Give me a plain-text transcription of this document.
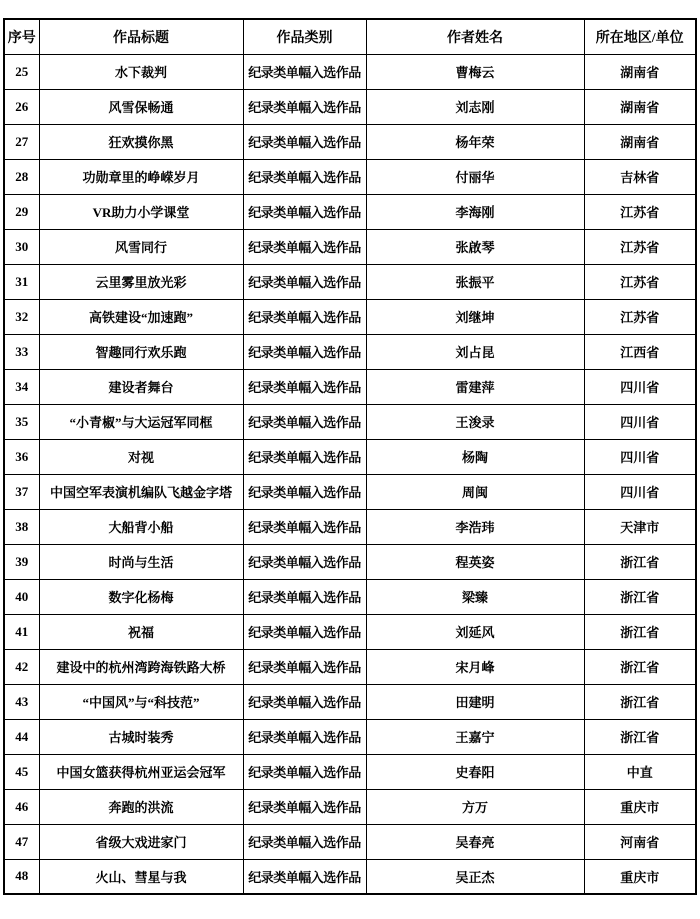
序号	作品标题	作品类别	作者姓名	所在地区/单位
25	水下裁判	纪录类单幅入选作品	曹梅云	湖南省
26	风雪保畅通	纪录类单幅入选作品	刘志刚	湖南省
27	狂欢摸你黑	纪录类单幅入选作品	杨年荣	湖南省
28	功勋章里的峥嵘岁月	纪录类单幅入选作品	付丽华	吉林省
29	VR助力小学课堂	纪录类单幅入选作品	李海刚	江苏省
30	风雪同行	纪录类单幅入选作品	张啟琴	江苏省
31	云里雾里放光彩	纪录类单幅入选作品	张振平	江苏省
32	高铁建设“加速跑”	纪录类单幅入选作品	刘继坤	江苏省
33	智趣同行欢乐跑	纪录类单幅入选作品	刘占昆	江西省
34	建设者舞台	纪录类单幅入选作品	雷建萍	四川省
35	“小青椒”与大运冠军同框	纪录类单幅入选作品	王浚录	四川省
36	对视	纪录类单幅入选作品	杨陶	四川省
37	中国空军表演机编队飞越金字塔	纪录类单幅入选作品	周闽	四川省
38	大船背小船	纪录类单幅入选作品	李浩玮	天津市
39	时尚与生活	纪录类单幅入选作品	程英姿	浙江省
40	数字化杨梅	纪录类单幅入选作品	梁臻	浙江省
41	祝福	纪录类单幅入选作品	刘延风	浙江省
42	建设中的杭州湾跨海铁路大桥	纪录类单幅入选作品	宋月峰	浙江省
43	“中国风”与“科技范”	纪录类单幅入选作品	田建明	浙江省
44	古城时装秀	纪录类单幅入选作品	王嘉宁	浙江省
45	中国女篮获得杭州亚运会冠军	纪录类单幅入选作品	史春阳	中直
46	奔跑的洪流	纪录类单幅入选作品	方万	重庆市
47	省级大戏进家门	纪录类单幅入选作品	吴春亮	河南省
48	火山、彗星与我	纪录类单幅入选作品	吴正杰	重庆市
